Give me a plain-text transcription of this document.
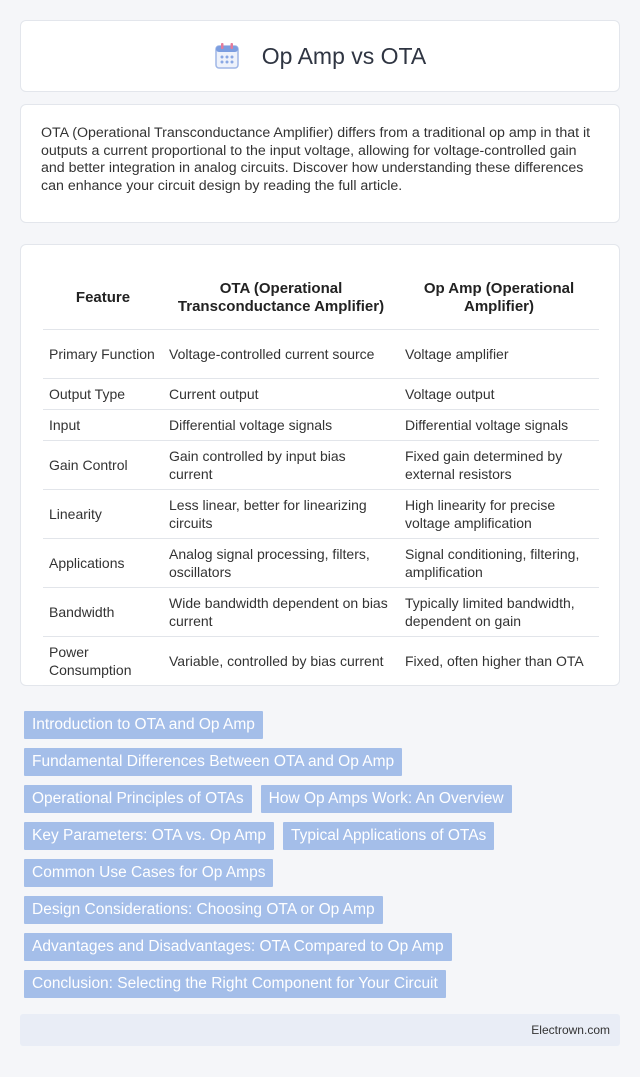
Op Amp vs OTA

OTA (Operational Transconductance Amplifier) differs from a traditional op amp in that it outputs a current proportional to the input voltage, allowing for voltage-controlled gain and better integration in analog circuits. Discover how understanding these differences can enhance your circuit design by reading the full article.

Feature	OTA (Operational Transconductance Amplifier)	Op Amp (Operational Amplifier)
Primary Function	Voltage-controlled current source	Voltage amplifier
Output Type	Current output	Voltage output
Input	Differential voltage signals	Differential voltage signals
Gain Control	Gain controlled by input bias current	Fixed gain determined by external resistors
Linearity	Less linear, better for linearizing circuits	High linearity for precise voltage amplification
Applications	Analog signal processing, filters, oscillators	Signal conditioning, filtering, amplification
Bandwidth	Wide bandwidth dependent on bias current	Typically limited bandwidth, dependent on gain
Power Consumption	Variable, controlled by bias current	Fixed, often higher than OTA
Introduction to OTA and Op Amp
Fundamental Differences Between OTA and Op Amp
Operational Principles of OTAs	How Op Amps Work: An Overview
Key Parameters: OTA vs. Op Amp	Typical Applications of OTAs
Common Use Cases for Op Amps
Design Considerations: Choosing OTA or Op Amp
Advantages and Disadvantages: OTA Compared to Op Amp
Conclusion: Selecting the Right Component for Your Circuit
Electrown.com
